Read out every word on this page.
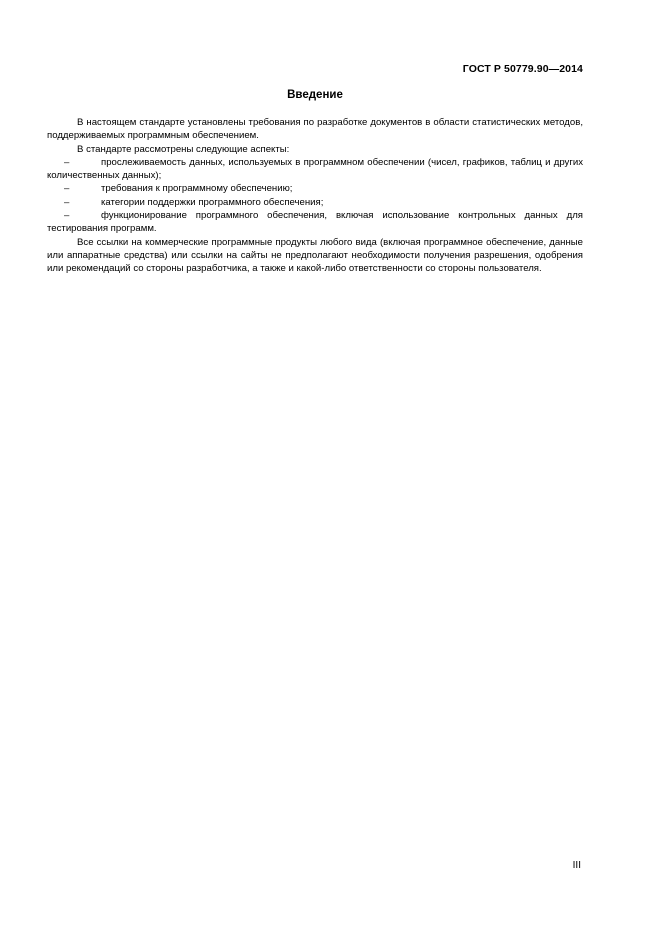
ГОСТ Р 50779.90—2014
Введение

В настоящем стандарте установлены требования по разработке документов в области статистических методов, поддерживаемых программным обеспечением.

В стандарте рассмотрены следующие аспекты:

–	прослеживаемость данных, используемых в программном обеспечении (чисел, графиков, таблиц и других количественных данных);

–	требования к программному обеспечению;

–	категории поддержки программного обеспечения;

–	функционирование программного обеспечения, включая использование контрольных данных для тестирования программ.

Все ссылки на коммерческие программные продукты любого вида (включая программное обеспечение, данные или аппаратные средства) или ссылки на сайты не предполагают необходимости получения разрешения, одобрения или рекомендаций со стороны разработчика, а также и какой-либо ответственности со стороны пользователя.

III
